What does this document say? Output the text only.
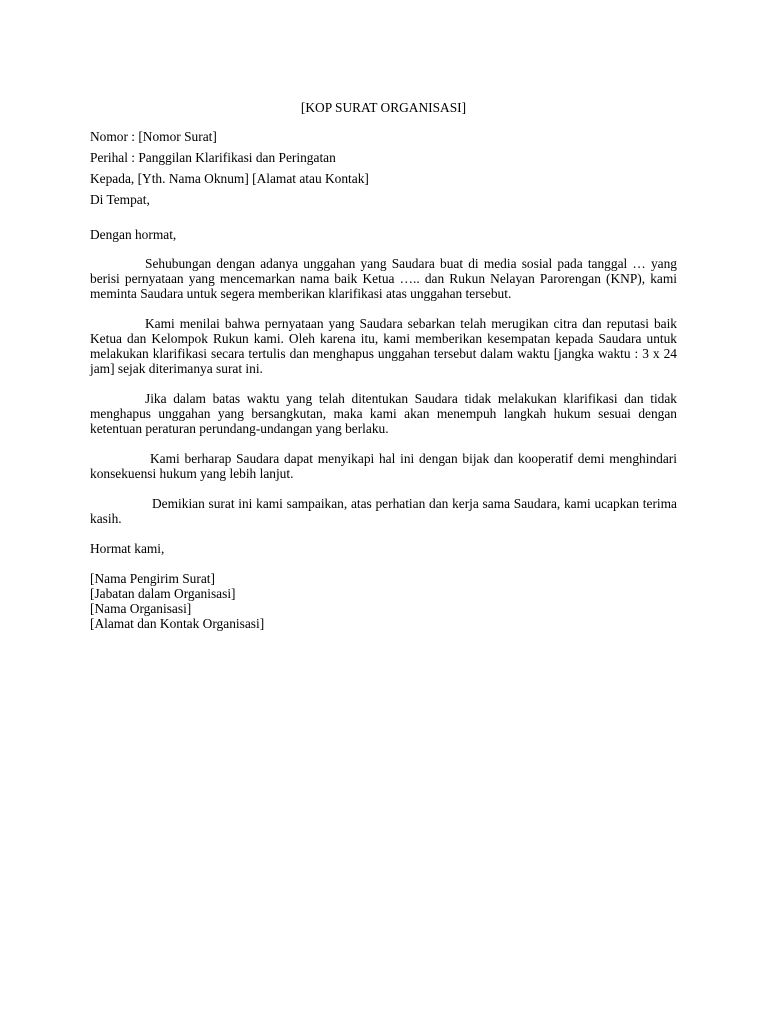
[KOP SURAT ORGANISASI]
Nomor : [Nomor Surat]
Perihal : Panggilan Klarifikasi dan Peringatan
Kepada, [Yth. Nama Oknum] [Alamat atau Kontak]
Di Tempat,
Dengan hormat,

Sehubungan dengan adanya unggahan yang Saudara buat di media sosial pada tanggal … yang berisi pernyataan yang mencemarkan nama baik Ketua ….. dan Rukun Nelayan Parorengan (KNP), kami meminta Saudara untuk segera memberikan klarifikasi atas unggahan tersebut.

Kami menilai bahwa pernyataan yang Saudara sebarkan telah merugikan citra dan reputasi baik Ketua dan Kelompok Rukun kami. Oleh karena itu, kami memberikan kesempatan kepada Saudara untuk melakukan klarifikasi secara tertulis dan menghapus unggahan tersebut dalam waktu [jangka waktu : 3 x 24 jam] sejak diterimanya surat ini.

Jika dalam batas waktu yang telah ditentukan Saudara tidak melakukan klarifikasi dan tidak menghapus unggahan yang bersangkutan, maka kami akan menempuh langkah hukum sesuai dengan ketentuan peraturan perundang-undangan yang berlaku.

Kami berharap Saudara dapat menyikapi hal ini dengan bijak dan kooperatif demi menghindari konsekuensi hukum yang lebih lanjut.

Demikian surat ini kami sampaikan, atas perhatian dan kerja sama Saudara, kami ucapkan terima kasih.

Hormat kami,
[Nama Pengirim Surat]
[Jabatan dalam Organisasi]
[Nama Organisasi]
[Alamat dan Kontak Organisasi]
